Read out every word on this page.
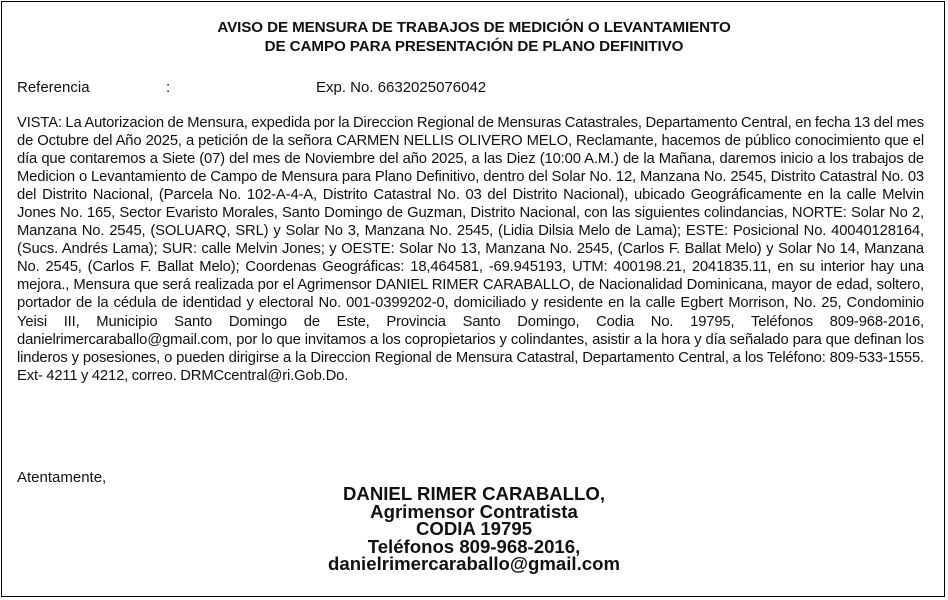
AVISO DE MENSURA DE TRABAJOS DE MEDICIÓN O LEVANTAMIENTO
DE CAMPO PARA PRESENTACIÓN DE PLANO DEFINITIVO
Referencia	:	Exp. No. 6632025076042
VISTA: La Autorizacion de Mensura, expedida por la Direccion Regional de Mensuras Catastrales, Departamento Central, en fecha 13 del mes de Octubre del Año 2025, a petición de la señora CARMEN NELLIS OLIVERO MELO, Reclamante, hacemos de público conocimiento que el día que contaremos a Siete (07) del mes de Noviembre del año 2025, a las Diez (10:00 A.M.) de la Mañana, daremos inicio a los trabajos de Medicion o Levantamiento de Campo de Mensura para Plano Definitivo, dentro del Solar No. 12, Manzana No. 2545, Distrito Catastral No. 03 del Distrito Nacional, (Parcela No. 102-A-4-A, Distrito Catastral No. 03 del Distrito Nacional), ubicado Geográficamente en la calle Melvin Jones No. 165, Sector Evaristo Morales, Santo Domingo de Guzman, Distrito Nacional, con las siguientes colindancias, NORTE: Solar No 2, Manzana No. 2545, (SOLUARQ, SRL) y Solar No 3, Manzana No. 2545, (Lidia Dilsia Melo de Lama); ESTE: Posicional No. 40040128164, (Sucs. Andrés Lama); SUR: calle Melvin Jones; y OESTE: Solar No 13, Manzana No. 2545, (Carlos F. Ballat Melo) y Solar No 14, Manzana No. 2545, (Carlos F. Ballat Melo); Coordenas Geográficas: 18,464581, -69.945193, UTM: 400198.21, 2041835.11, en su interior hay una mejora., Mensura que será realizada por el Agrimensor DANIEL RIMER CARABALLO, de Nacionalidad Dominicana, mayor de edad, soltero, portador de la cédula de identidad y electoral No. 001-0399202-0, domiciliado y residente en la calle Egbert Morrison, No. 25, Condominio Yeisi III, Municipio Santo Domingo de Este, Provincia Santo Domingo, Codia No. 19795, Teléfonos 809-968-2016, danielrimercaraballo@gmail.com, por lo que invitamos a los copropietarios y colindantes, asistir a la hora y día señalado para que definan los linderos y posesiones, o pueden dirigirse a la Direccion Regional de Mensura Catastral, Departamento Central, a los Teléfono: 809-533-1555. Ext- 4211 y 4212, correo. DRMCcentral@ri.Gob.Do.
Atentamente,
DANIEL RIMER CARABALLO,
Agrimensor Contratista
CODIA 19795
Teléfonos 809-968-2016,
danielrimercaraballo@gmail.com
